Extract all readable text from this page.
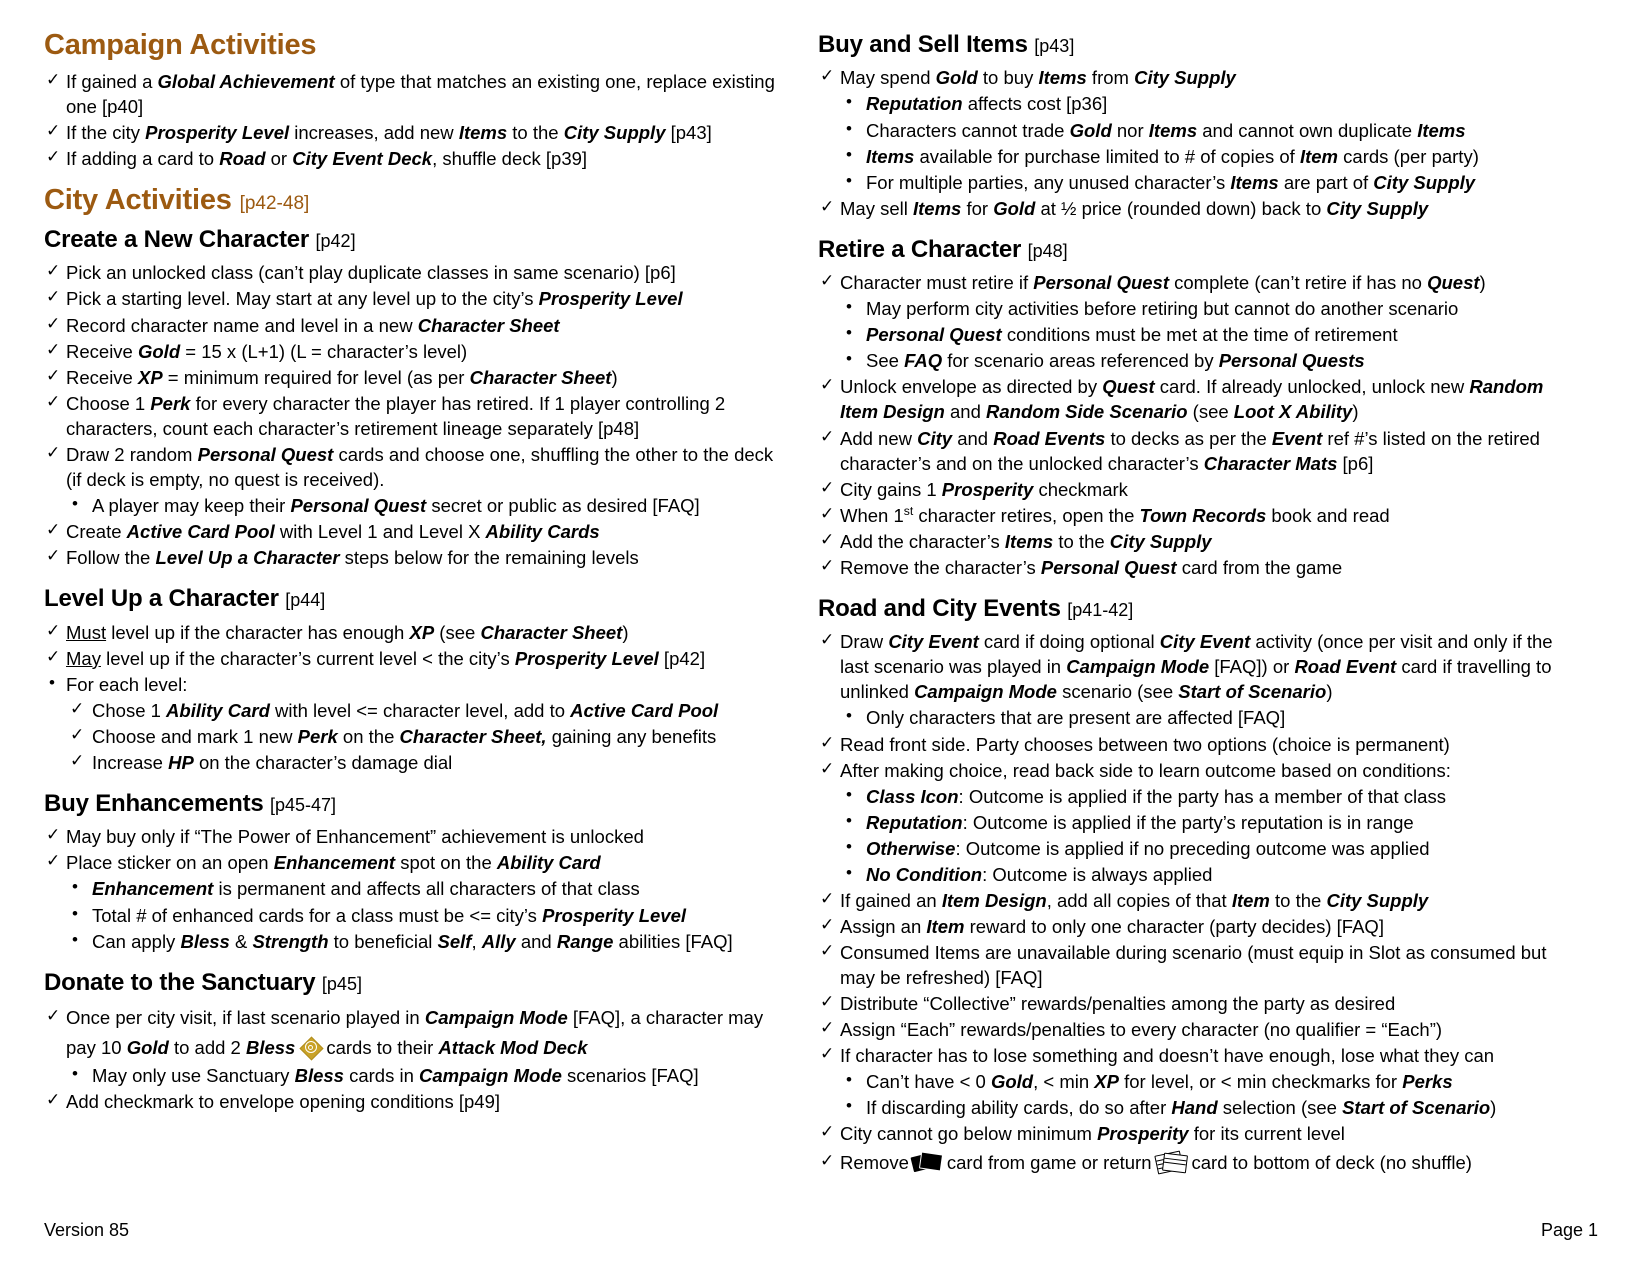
Campaign Activities
✓ If gained a Global Achievement of type that matches an existing one, replace existing one [p40]
✓ If the city Prosperity Level increases, add new Items to the City Supply [p43]
✓ If adding a card to Road or City Event Deck, shuffle deck [p39]
City Activities [p42-48]
Create a New Character [p42]
✓ Pick an unlocked class (can’t play duplicate classes in same scenario) [p6]
✓ Pick a starting level. May start at any level up to the city’s Prosperity Level
✓ Record character name and level in a new Character Sheet
✓ Receive Gold = 15 x (L+1) (L = character’s level)
✓ Receive XP = minimum required for level (as per Character Sheet)
✓ Choose 1 Perk for every character the player has retired. If 1 player controlling 2 characters, count each character’s retirement lineage separately [p48]
✓ Draw 2 random Personal Quest cards and choose one, shuffling the other to the deck (if deck is empty, no quest is received).
• A player may keep their Personal Quest secret or public as desired [FAQ]
✓ Create Active Card Pool with Level 1 and Level X Ability Cards
✓ Follow the Level Up a Character steps below for the remaining levels
Level Up a Character [p44]
✓ Must level up if the character has enough XP (see Character Sheet)
✓ May level up if the character’s current level < the city’s Prosperity Level [p42]
• For each level:
✓ Chose 1 Ability Card with level <= character level, add to Active Card Pool
✓ Choose and mark 1 new Perk on the Character Sheet, gaining any benefits
✓ Increase HP on the character’s damage dial
Buy Enhancements [p45-47]
✓ May buy only if “The Power of Enhancement” achievement is unlocked
✓ Place sticker on an open Enhancement spot on the Ability Card
• Enhancement is permanent and affects all characters of that class
• Total # of enhanced cards for a class must be <= city’s Prosperity Level
• Can apply Bless & Strength to beneficial Self, Ally and Range abilities [FAQ]
Donate to the Sanctuary [p45]
✓ Once per city visit, if last scenario played in Campaign Mode [FAQ], a character may pay 10 Gold to add 2 Bless cards to their Attack Mod Deck
• May only use Sanctuary Bless cards in Campaign Mode scenarios [FAQ]
✓ Add checkmark to envelope opening conditions [p49]
Buy and Sell Items [p43]
✓ May spend Gold to buy Items from City Supply
• Reputation affects cost [p36]
• Characters cannot trade Gold nor Items and cannot own duplicate Items
• Items available for purchase limited to # of copies of Item cards (per party)
• For multiple parties, any unused character’s Items are part of City Supply
✓ May sell Items for Gold at ½ price (rounded down) back to City Supply
Retire a Character [p48]
✓ Character must retire if Personal Quest complete (can’t retire if has no Quest)
• May perform city activities before retiring but cannot do another scenario
• Personal Quest conditions must be met at the time of retirement
• See FAQ for scenario areas referenced by Personal Quests
✓ Unlock envelope as directed by Quest card. If already unlocked, unlock new Random Item Design and Random Side Scenario (see Loot X Ability)
✓ Add new City and Road Events to decks as per the Event ref #’s listed on the retired character’s and on the unlocked character’s Character Mats [p6]
✓ City gains 1 Prosperity checkmark
✓ When 1st character retires, open the Town Records book and read
✓ Add the character’s Items to the City Supply
✓ Remove the character’s Personal Quest card from the game
Road and City Events [p41-42]
✓ Draw City Event card if doing optional City Event activity (once per visit and only if the last scenario was played in Campaign Mode [FAQ]) or Road Event card if travelling to unlinked Campaign Mode scenario (see Start of Scenario)
• Only characters that are present are affected [FAQ]
✓ Read front side. Party chooses between two options (choice is permanent)
✓ After making choice, read back side to learn outcome based on conditions:
• Class Icon: Outcome is applied if the party has a member of that class
• Reputation: Outcome is applied if the party’s reputation is in range
• Otherwise: Outcome is applied if no preceding outcome was applied
• No Condition: Outcome is always applied
✓ If gained an Item Design, add all copies of that Item to the City Supply
✓ Assign an Item reward to only one character (party decides) [FAQ]
✓ Consumed Items are unavailable during scenario (must equip in Slot as consumed but may be refreshed) [FAQ]
✓ Distribute “Collective” rewards/penalties among the party as desired
✓ Assign “Each” rewards/penalties to every character (no qualifier = “Each”)
✓ If character has to lose something and doesn’t have enough, lose what they can
• Can’t have < 0 Gold, < min XP for level, or < min checkmarks for Perks
• If discarding ability cards, do so after Hand selection (see Start of Scenario)
✓ City cannot go below minimum Prosperity for its current level
✓ Remove card from game or return card to bottom of deck (no shuffle)
Version 85	Page 1
